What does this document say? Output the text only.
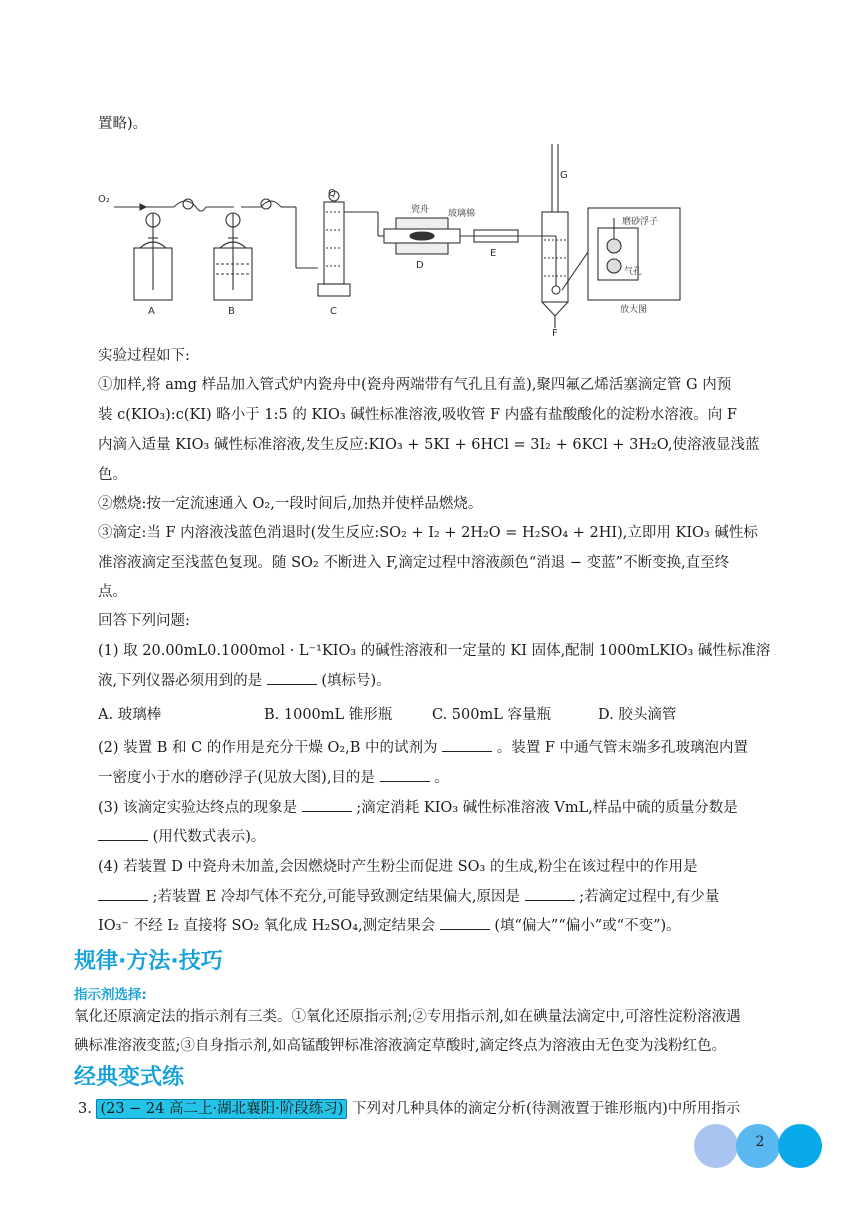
置略)。
O₂
A	B	C
Q
D
E
F
G
瓷舟 玻璃棉
磨砂浮子
气孔
放大图
实验过程如下:
①加样,将 amg 样品加入管式炉内瓷舟中(瓷舟两端带有气孔且有盖),聚四氟乙烯活塞滴定管 G 内预
装 c(KIO₃):c(KI) 略小于 1:5 的 KIO₃ 碱性标准溶液,吸收管 F 内盛有盐酸酸化的淀粉水溶液。向 F
内滴入适量 KIO₃ 碱性标准溶液,发生反应:KIO₃ + 5KI + 6HCl = 3I₂ + 6KCl + 3H₂O,使溶液显浅蓝
色。
②燃烧:按一定流速通入 O₂,一段时间后,加热并使样品燃烧。
③滴定:当 F 内溶液浅蓝色消退时(发生反应:SO₂ + I₂ + 2H₂O = H₂SO₄ + 2HI),立即用 KIO₃ 碱性标
准溶液滴定至浅蓝色复现。随 SO₂ 不断进入 F,滴定过程中溶液颜色“消退 − 变蓝”不断变换,直至终
点。
回答下列问题:
(1) 取 20.00mL0.1000mol · L⁻¹KIO₃ 的碱性溶液和一定量的 KI 固体,配制 1000mLKIO₃ 碱性标准溶
液,下列仪器必须用到的是	(填标号)。
A. 玻璃棒	B. 1000mL 锥形瓶	C. 500mL 容量瓶	D. 胶头滴管
(2) 装置 B 和 C 的作用是充分干燥 O₂,B 中的试剂为	。装置 F 中通气管末端多孔玻璃泡内置
一密度小于水的磨砂浮子(见放大图),目的是	。
(3) 该滴定实验达终点的现象是	;滴定消耗 KIO₃ 碱性标准溶液 VmL,样品中硫的质量分数是
(用代数式表示)。
(4) 若装置 D 中瓷舟未加盖,会因燃烧时产生粉尘而促进 SO₃ 的生成,粉尘在该过程中的作用是
;若装置 E 冷却气体不充分,可能导致测定结果偏大,原因是	;若滴定过程中,有少量
IO₃⁻ 不经 I₂ 直接将 SO₂ 氧化成 H₂SO₄,测定结果会	(填“偏大”“偏小”或“不变”)。
规律·方法·技巧
指示剂选择:
氧化还原滴定法的指示剂有三类。①氧化还原指示剂;②专用指示剂,如在碘量法滴定中,可溶性淀粉溶液遇
碘标准溶液变蓝;③自身指示剂,如高锰酸钾标准溶液滴定草酸时,滴定终点为溶液由无色变为浅粉红色。
经典变式练
3. (23 − 24 高二上·湖北襄阳·阶段练习) 下列对几种具体的滴定分析(待测液置于锥形瓶内)中所用指示
2
